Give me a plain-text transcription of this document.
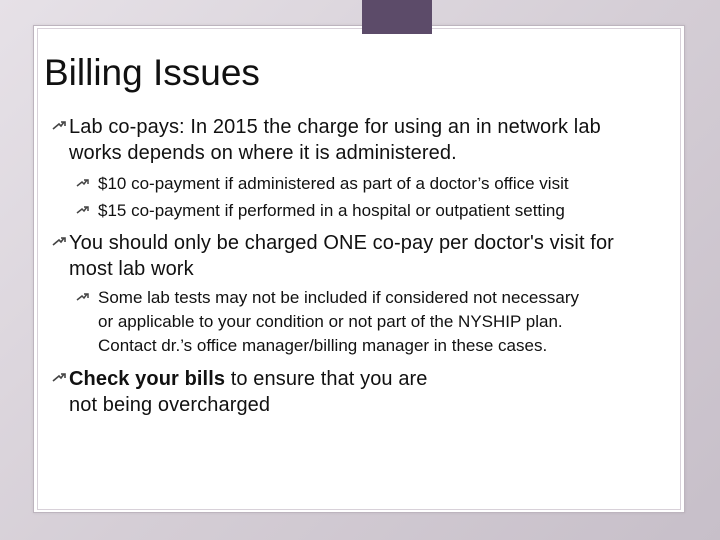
Billing Issues
Lab co-pays: In 2015 the charge for using an in network lab
works depends on where it is administered.
$10 co-payment if administered as part of a doctor’s office visit
$15 co-payment if performed in a hospital or outpatient setting
You should only be charged ONE co-pay per doctor's visit for
most lab work
Some lab tests may not be included if considered not necessary
or applicable to your condition or not part of the NYSHIP plan.
Contact dr.’s office manager/billing manager in these cases.
Check your bills to ensure that you are
not being overcharged
